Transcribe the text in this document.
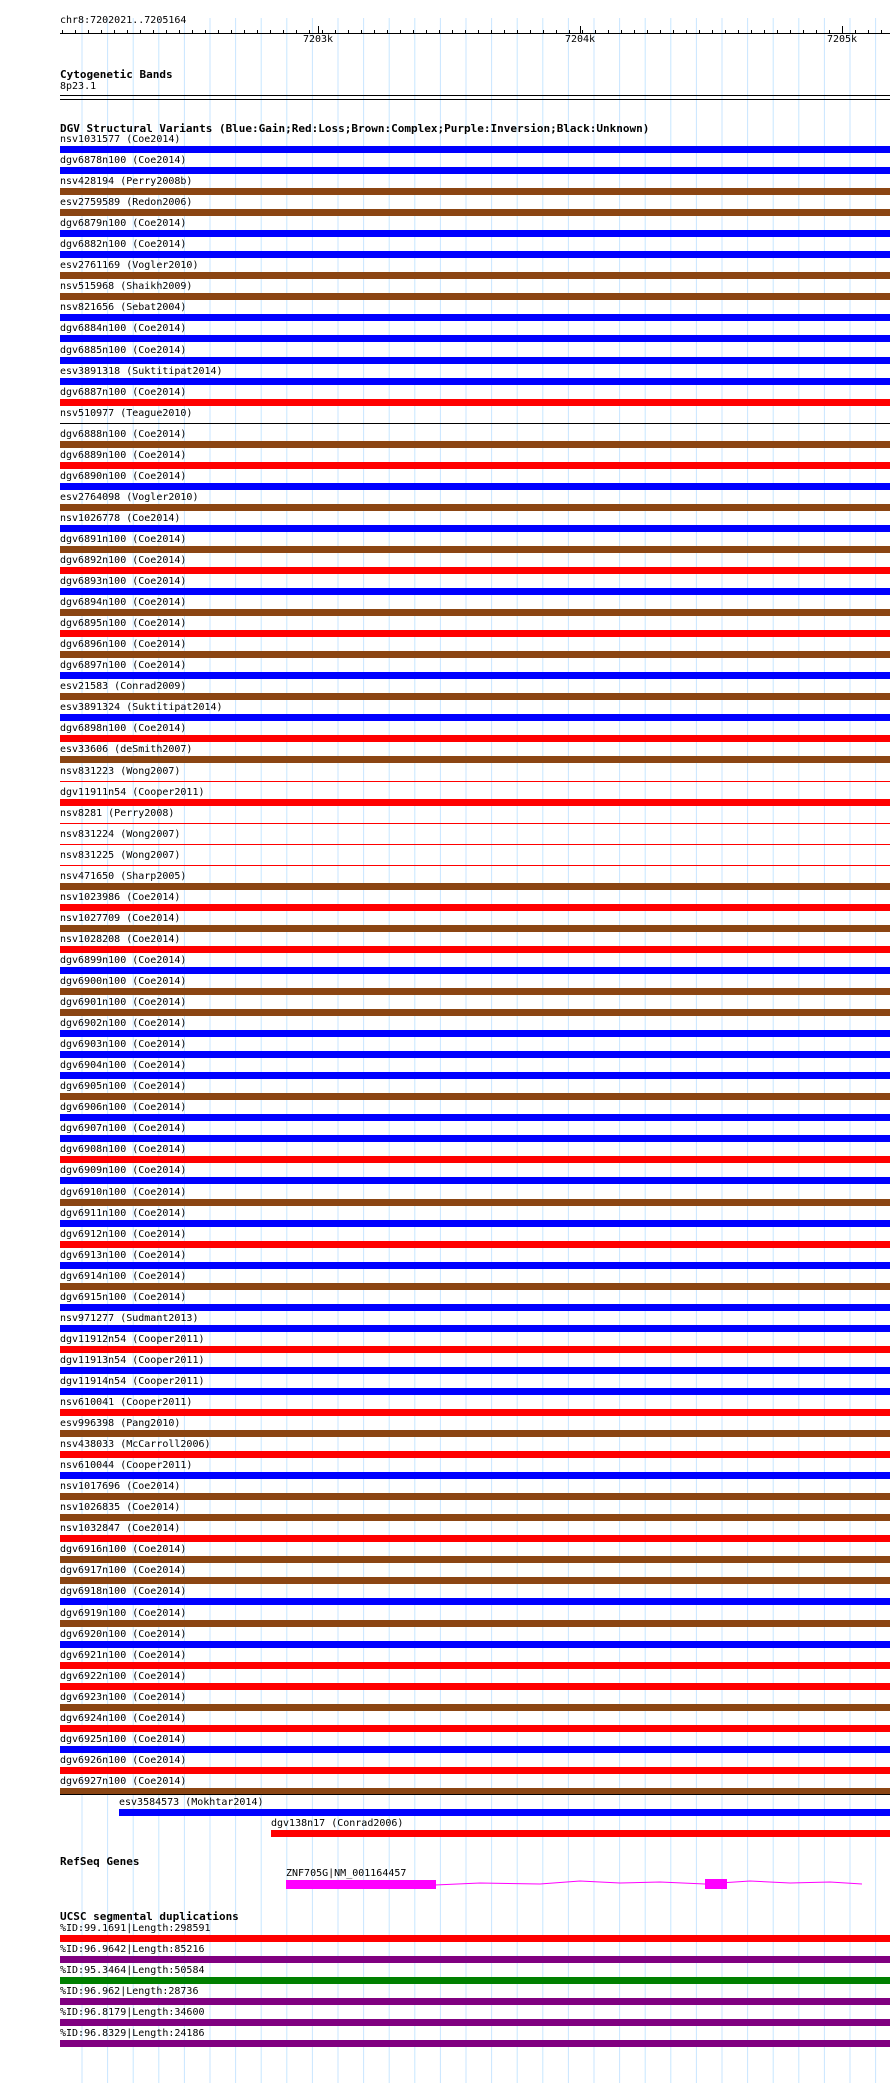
chr8:7202021..7205164
7203k	7204k	7205k
Cytogenetic Bands
8p23.1
DGV Structural Variants (Blue:Gain;Red:Loss;Brown:Complex;Purple:Inversion;Black:Unknown)
nsv1031577 (Coe2014)
dgv6878n100 (Coe2014)
nsv428194 (Perry2008b)
esv2759589 (Redon2006)
dgv6879n100 (Coe2014)
dgv6882n100 (Coe2014)
esv2761169 (Vogler2010)
nsv515968 (Shaikh2009)
nsv821656 (Sebat2004)
dgv6884n100 (Coe2014)
dgv6885n100 (Coe2014)
esv3891318 (Suktitipat2014)
dgv6887n100 (Coe2014)
nsv510977 (Teague2010)
dgv6888n100 (Coe2014)
dgv6889n100 (Coe2014)
dgv6890n100 (Coe2014)
esv2764098 (Vogler2010)
nsv1026778 (Coe2014)
dgv6891n100 (Coe2014)
dgv6892n100 (Coe2014)
dgv6893n100 (Coe2014)
dgv6894n100 (Coe2014)
dgv6895n100 (Coe2014)
dgv6896n100 (Coe2014)
dgv6897n100 (Coe2014)
esv21583 (Conrad2009)
esv3891324 (Suktitipat2014)
dgv6898n100 (Coe2014)
esv33606 (deSmith2007)
nsv831223 (Wong2007)
dgv11911n54 (Cooper2011)
nsv8281 (Perry2008)
nsv831224 (Wong2007)
nsv831225 (Wong2007)
nsv471650 (Sharp2005)
nsv1023986 (Coe2014)
nsv1027709 (Coe2014)
nsv1028208 (Coe2014)
dgv6899n100 (Coe2014)
dgv6900n100 (Coe2014)
dgv6901n100 (Coe2014)
dgv6902n100 (Coe2014)
dgv6903n100 (Coe2014)
dgv6904n100 (Coe2014)
dgv6905n100 (Coe2014)
dgv6906n100 (Coe2014)
dgv6907n100 (Coe2014)
dgv6908n100 (Coe2014)
dgv6909n100 (Coe2014)
dgv6910n100 (Coe2014)
dgv6911n100 (Coe2014)
dgv6912n100 (Coe2014)
dgv6913n100 (Coe2014)
dgv6914n100 (Coe2014)
dgv6915n100 (Coe2014)
nsv971277 (Sudmant2013)
dgv11912n54 (Cooper2011)
dgv11913n54 (Cooper2011)
dgv11914n54 (Cooper2011)
nsv610041 (Cooper2011)
esv996398 (Pang2010)
nsv438033 (McCarroll2006)
nsv610044 (Cooper2011)
nsv1017696 (Coe2014)
nsv1026835 (Coe2014)
nsv1032847 (Coe2014)
dgv6916n100 (Coe2014)
dgv6917n100 (Coe2014)
dgv6918n100 (Coe2014)
dgv6919n100 (Coe2014)
dgv6920n100 (Coe2014)
dgv6921n100 (Coe2014)
dgv6922n100 (Coe2014)
dgv6923n100 (Coe2014)
dgv6924n100 (Coe2014)
dgv6925n100 (Coe2014)
dgv6926n100 (Coe2014)
dgv6927n100 (Coe2014)
esv3584573 (Mokhtar2014)
dgv138n17 (Conrad2006)
RefSeq Genes
ZNF705G|NM_001164457
UCSC segmental duplications
%ID:99.1691|Length:298591
%ID:96.9642|Length:85216
%ID:95.3464|Length:50584
%ID:96.962|Length:28736
%ID:96.8179|Length:34600
%ID:96.8329|Length:24186
